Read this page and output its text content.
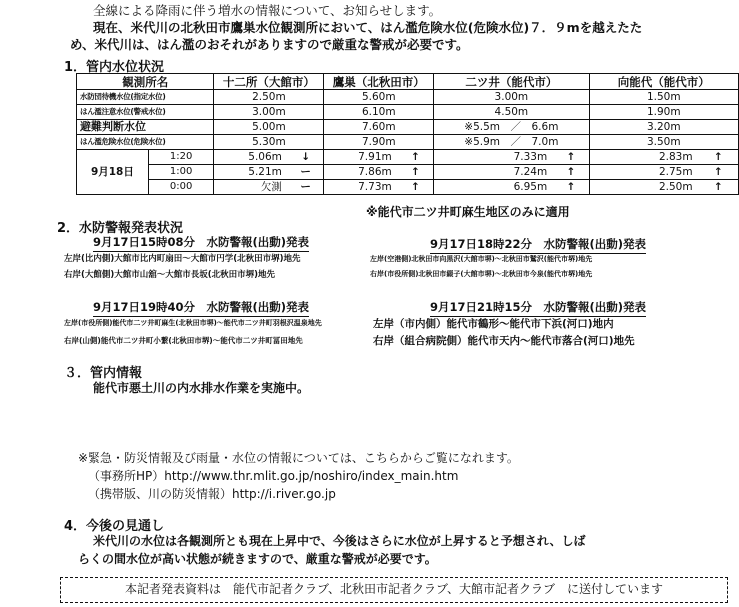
全線による降雨に伴う増水の情報について、お知らせします。
現在、米代川の北秋田市鷹巣水位観測所において、はん濫危険水位(危険水位)７．９mを越えたた
め、米代川は、はん濫のおそれがありますので厳重な警戒が必要です。
1．管内水位状況
観測所名		十二所（大館市）		鷹巣（北秋田市）		二ツ井（能代市）		向能代（能代市）	
水防団待機水位(指定水位)		2.50m		5.60m		3.00m		1.50m	
はん濫注意水位(警戒水位)		3.00m		6.10m		4.50m		1.90m	
避難判断水位		5.00m		7.60m		※5.5m　／　6.6m		3.20m	
はん濫危険水位(危険水位)		5.30m		7.90m		※5.9m　／　7.0m		3.50m	
9月18日	1:20	5.06m	↓	7.91m	↑	7.33m	↑	2.83m	↑
	1:00	5.21m	ー	7.86m	↑	7.24m	↑	2.75m	↑
	0:00	欠測	ー	7.73m	↑	6.95m	↑	2.50m	↑
※能代市二ツ井町麻生地区のみに適用
2．水防警報発表状況
9月17日15時08分　水防警報(出動)発表
左岸(比内側)大館市比内町扇田～大館市円学(北秋田市堺)地先
右岸(大館側)大館市山舘～大館市長坂(北秋田市堺)地先
9月17日18時22分　水防警報(出動)発表
左岸(空港側)北秋田市向黒沢(大館市堺)～北秋田市鷲沢(能代市堺)地先
右岸(市役所側)北秋田市綴子(大館市堺)～北秋田市今泉(能代市堺)地先
9月17日19時40分　水防警報(出動)発表
左岸(市役所側)能代市二ツ井町麻生(北秋田市堺)～能代市二ツ井町羽根沢温泉地先
右岸(山側)能代市二ツ井町小繋(北秋田市堺)～能代市二ツ井町冨田地先
9月17日21時15分　水防警報(出動)発表
左岸（市内側）能代市鶴形～能代市下浜(河口)地内
右岸（組合病院側）能代市天内～能代市落合(河口)地先
３．管内情報
能代市悪土川の内水排水作業を実施中。
※緊急・防災情報及び雨量・水位の情報については、こちらからご覧になれます。
（事務所HP）http://www.thr.mlit.go.jp/noshiro/index_main.htm
（携帯版、川の防災情報）http://i.river.go.jp
4．今後の見通し
米代川の水位は各観測所とも現在上昇中で、今後はさらに水位が上昇すると予想され、しば
らくの間水位が高い状態が続きますので、厳重な警戒が必要です。
本記者発表資料は　能代市記者クラブ、北秋田市記者クラブ、大館市記者クラブ　に送付しています
